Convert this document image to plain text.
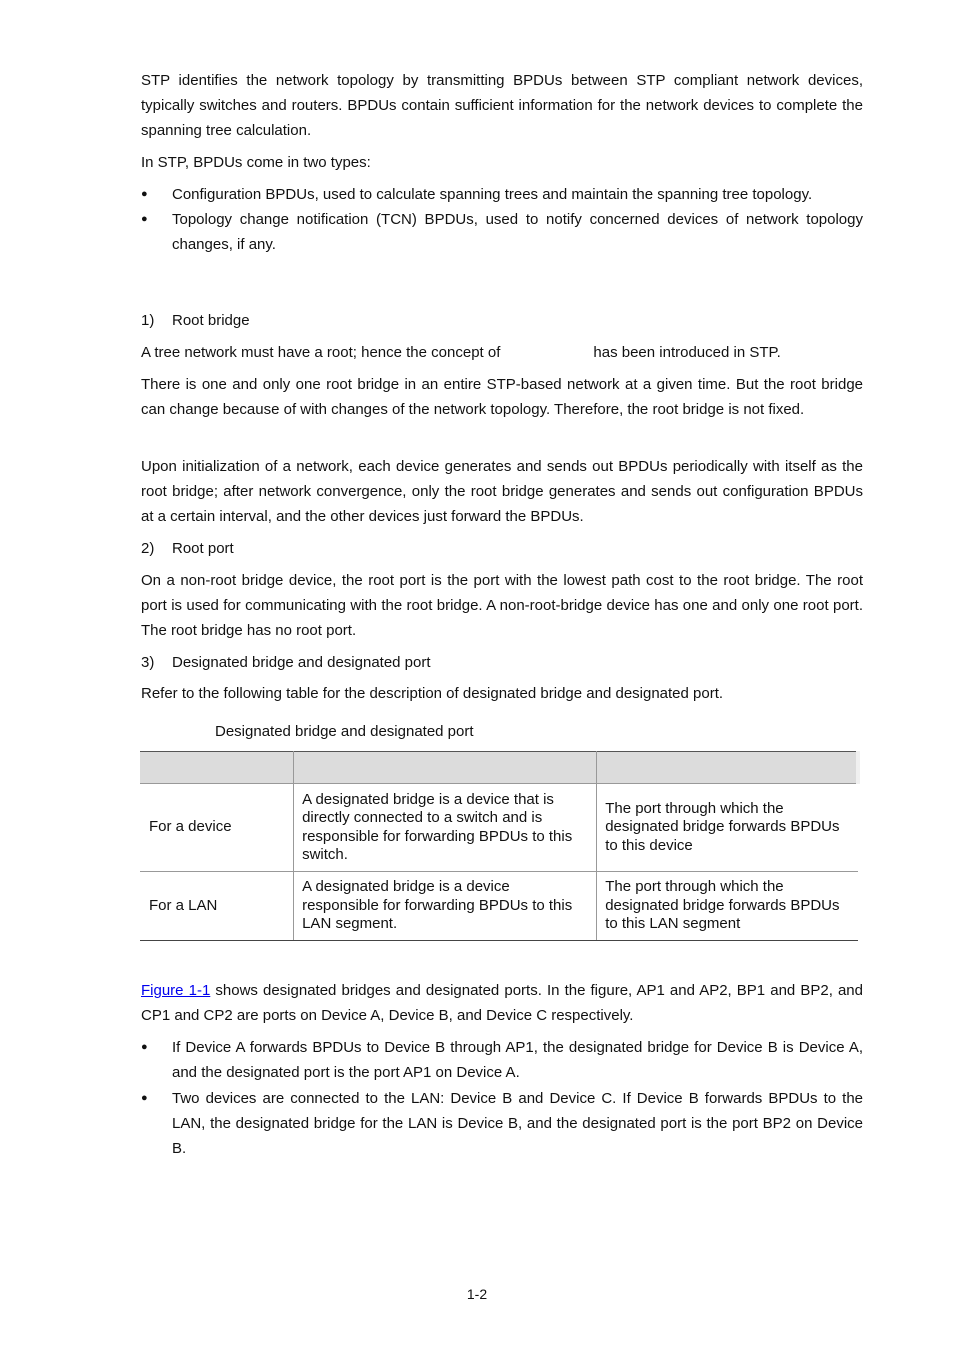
STP identifies the network topology by transmitting BPDUs between STP compliant network devices, typically switches and routers. BPDUs contain sufficient information for the network devices to complete the spanning tree calculation.

In STP, BPDUs come in two types:

●	Configuration BPDUs, used to calculate spanning trees and maintain the spanning tree topology.
●	Topology change notification (TCN) BPDUs, used to notify concerned devices of network topology changes, if any.
1) Root bridge

A tree network must have a root; hence the concept of	has been introduced in STP.

There is one and only one root bridge in an entire STP-based network at a given time. But the root bridge can change because of with changes of the network topology. Therefore, the root bridge is not fixed.

Upon initialization of a network, each device generates and sends out BPDUs periodically with itself as the root bridge; after network convergence, only the root bridge generates and sends out configuration BPDUs at a certain interval, and the other devices just forward the BPDUs.

2) Root port

On a non-root bridge device, the root port is the port with the lowest path cost to the root bridge. The root port is used for communicating with the root bridge. A non-root-bridge device has one and only one root port. The root bridge has no root port.

3) Designated bridge and designated port

Refer to the following table for the description of designated bridge and designated port.

Designated bridge and designated port

For a device	A designated bridge is a device that is directly connected to a switch and is responsible for forwarding BPDUs to this switch.	The port through which the designated bridge forwards BPDUs to this device
For a LAN	A designated bridge is a device responsible for forwarding BPDUs to this LAN segment.	The port through which the designated bridge forwards BPDUs to this LAN segment

Figure 1-1 shows designated bridges and designated ports. In the figure, AP1 and AP2, BP1 and BP2, and CP1 and CP2 are ports on Device A, Device B, and Device C respectively.

●	If Device A forwards BPDUs to Device B through AP1, the designated bridge for Device B is Device A, and the designated port is the port AP1 on Device A.
●	Two devices are connected to the LAN: Device B and Device C. If Device B forwards BPDUs to the LAN, the designated bridge for the LAN is Device B, and the designated port is the port BP2 on Device B.
1-2
